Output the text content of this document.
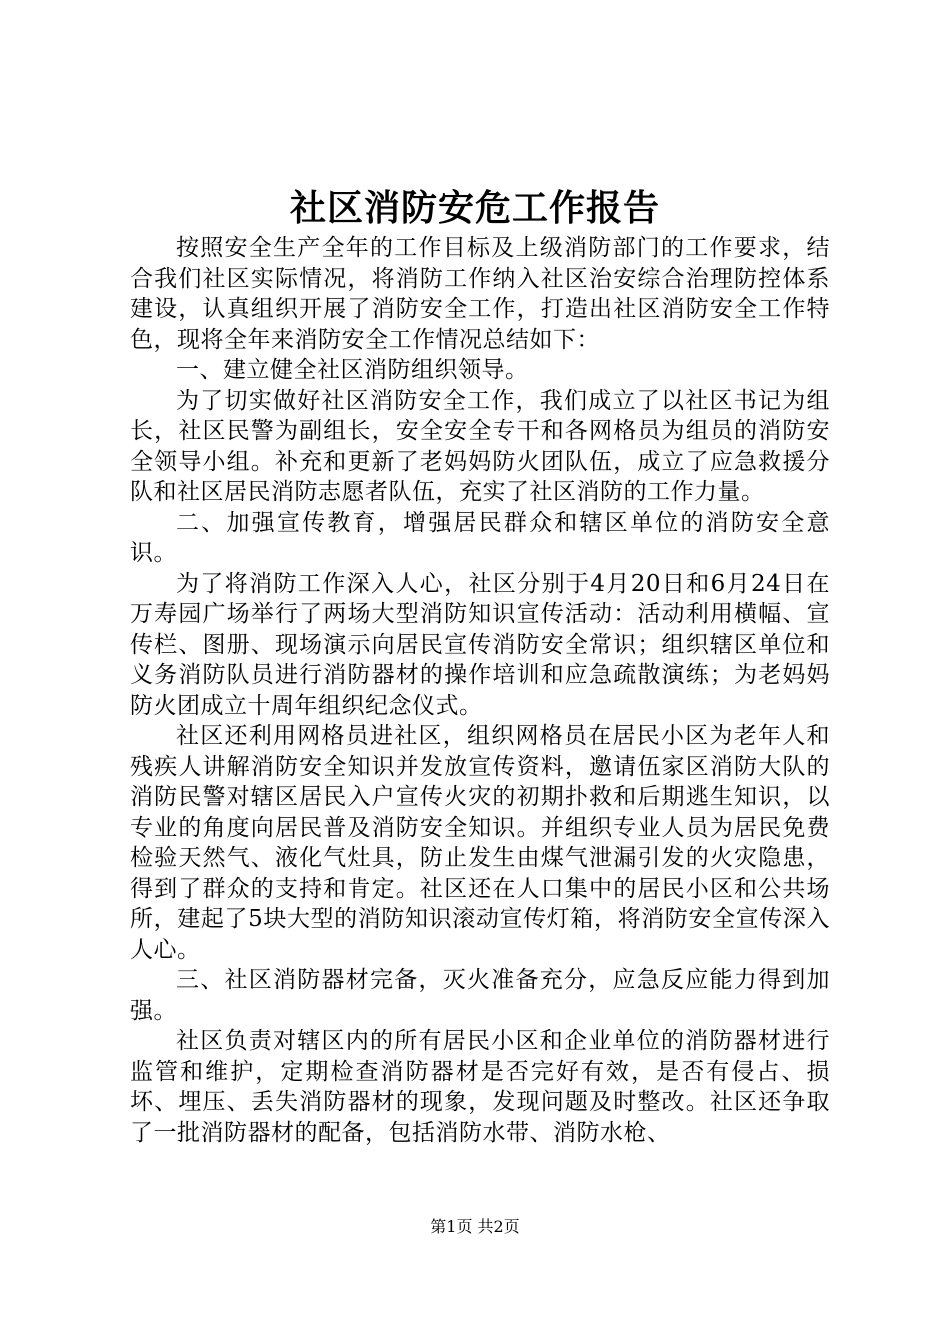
社区消防安危工作报告

按照安全生产全年的工作目标及上级消防部门的工作要求，结合我们社区实际情况，将消防工作纳入社区治安综合治理防控体系建设，认真组织开展了消防安全工作，打造出社区消防安全工作特色，现将全年来消防安全工作情况总结如下：

一、建立健全社区消防组织领导。

为了切实做好社区消防安全工作，我们成立了以社区书记为组长，社区民警为副组长，安全安全专干和各网格员为组员的消防安全领导小组。补充和更新了老妈妈防火团队伍，成立了应急救援分队和社区居民消防志愿者队伍，充实了社区消防的工作力量。

二、加强宣传教育，增强居民群众和辖区单位的消防安全意识。

为了将消防工作深入人心，社区分别于4月20日和6月24日在万寿园广场举行了两场大型消防知识宣传活动：活动利用横幅、宣传栏、图册、现场演示向居民宣传消防安全常识；组织辖区单位和义务消防队员进行消防器材的操作培训和应急疏散演练；为老妈妈防火团成立十周年组织纪念仪式。

社区还利用网格员进社区，组织网格员在居民小区为老年人和残疾人讲解消防安全知识并发放宣传资料，邀请伍家区消防大队的消防民警对辖区居民入户宣传火灾的初期扑救和后期逃生知识，以专业的角度向居民普及消防安全知识。并组织专业人员为居民免费检验天然气、液化气灶具，防止发生由煤气泄漏引发的火灾隐患，得到了群众的支持和肯定。社区还在人口集中的居民小区和公共场所，建起了5块大型的消防知识滚动宣传灯箱，将消防安全宣传深入人心。

三、社区消防器材完备，灭火准备充分，应急反应能力得到加强。

社区负责对辖区内的所有居民小区和企业单位的消防器材进行监管和维护，定期检查消防器材是否完好有效，是否有侵占、损坏、埋压、丢失消防器材的现象，发现问题及时整改。社区还争取了一批消防器材的配备，包括消防水带、消防水枪、

第1页 共2页
